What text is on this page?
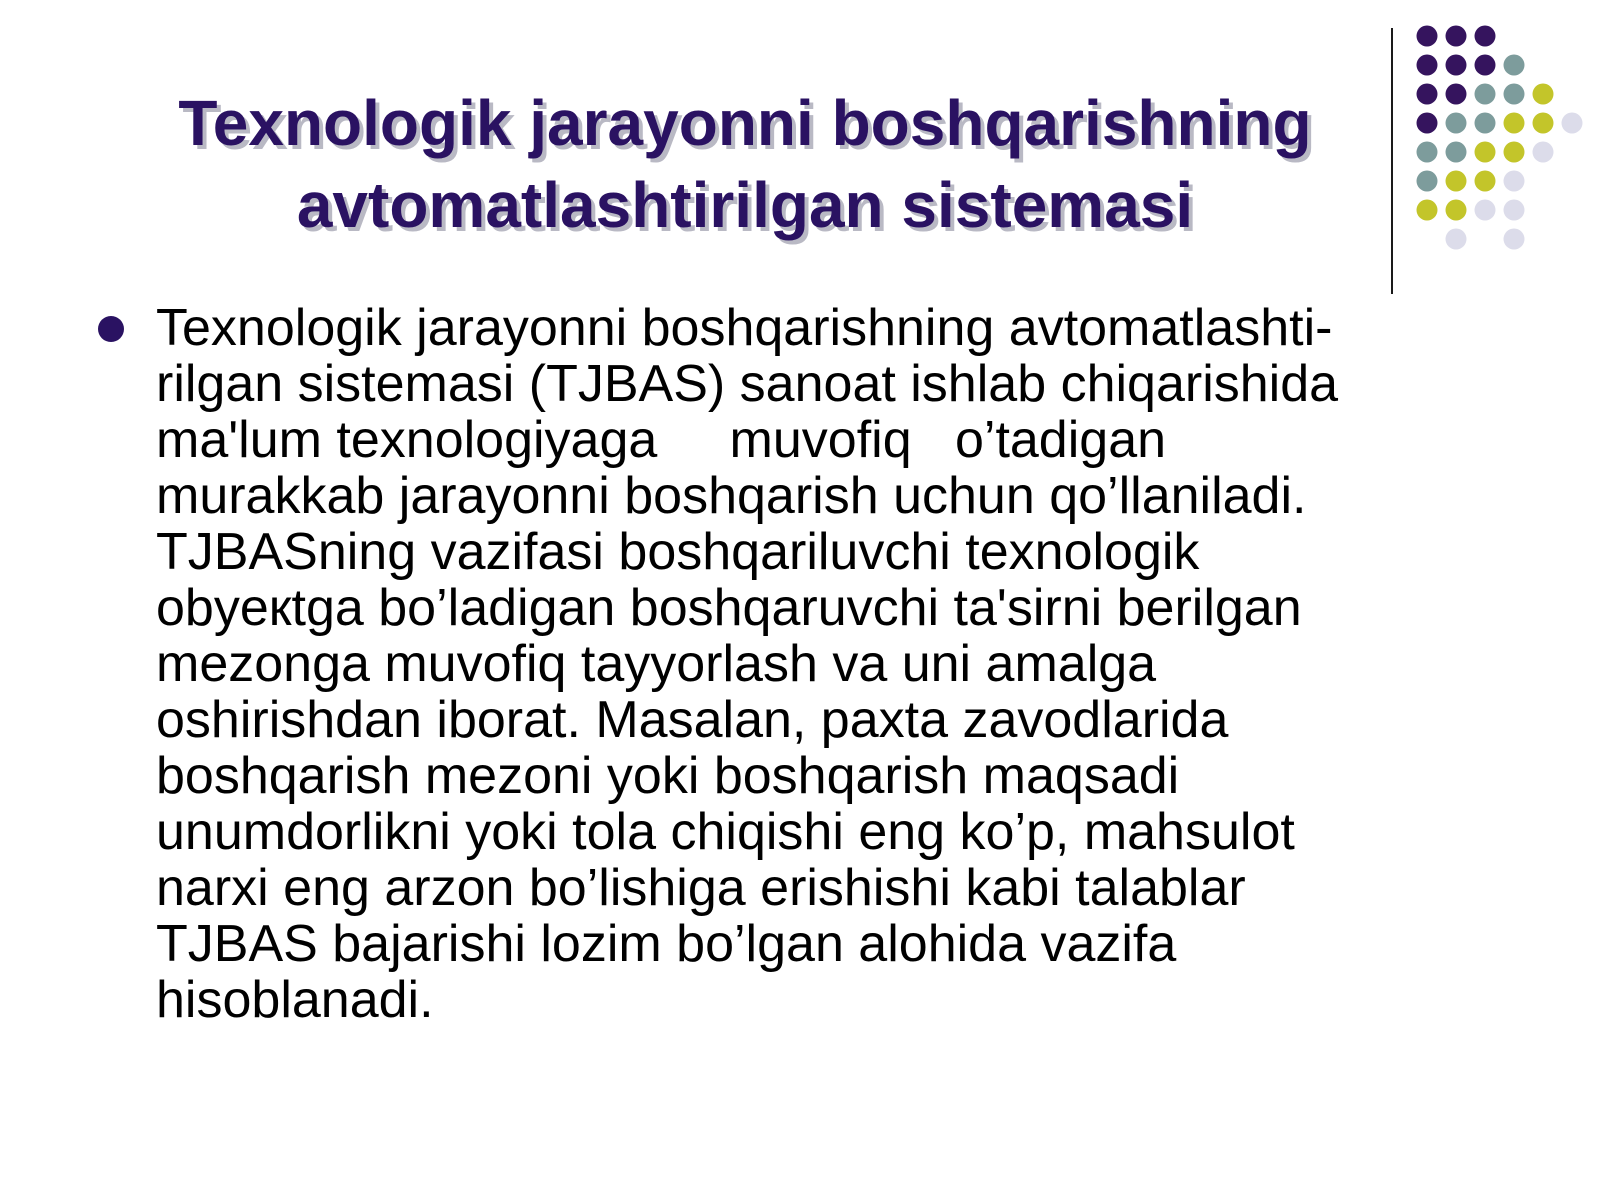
Texnologik jarayonni boshqarishning
avtomatlashtirilgan sistemasi

Texnologik jarayonni boshqarishning avtomatlashti-
rilgan sistemasi (TJBAS) sanoat ishlab chiqarishida
ma'lum texnologiyaga     muvofiq   o’tadigan
murakkab jarayonni boshqarish uchun qo’llaniladi.
TJBASning vazifasi boshqariluvchi texnologik
obyeкtga bo’ladigan boshqaruvchi ta'sirni berilgan
mezonga muvofiq tayyorlash va uni amalga
oshirishdan iborat. Masalan, paxta zavodlarida
boshqarish mezoni yoki boshqarish maqsadi
unumdorlikni yoki tola chiqishi eng ko’p, mahsulot
narxi eng arzon bo’lishiga erishishi kabi talablar
TJBAS bajarishi lozim bo’lgan alohida vazifa
hisoblanadi.
